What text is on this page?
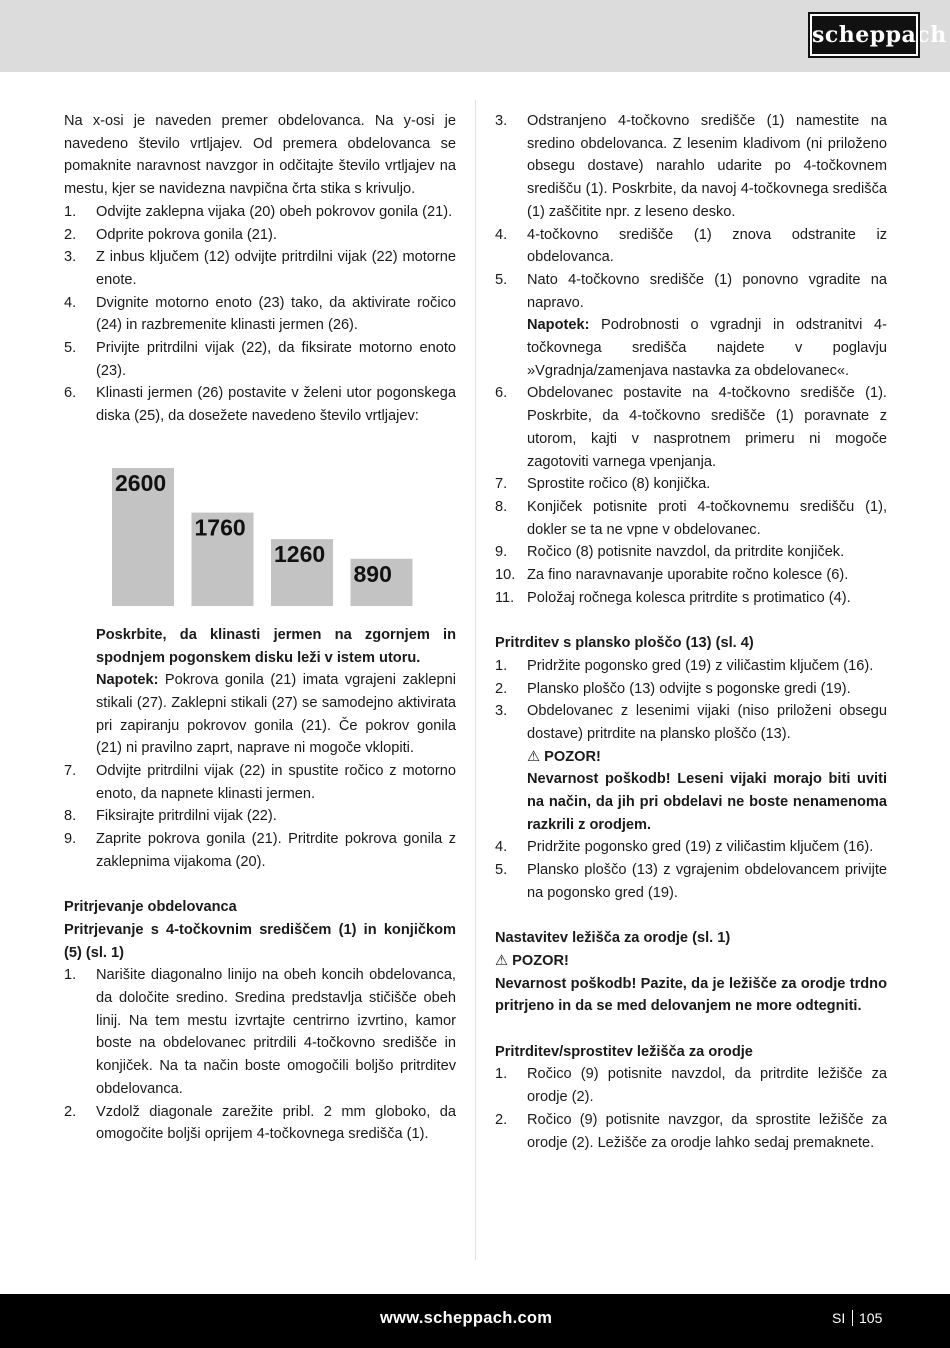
scheppach

Na x-osi je naveden premer obdelovanca. Na y-osi je navedeno število vrtljajev. Od premera obdelovanca se pomaknite naravnost navzgor in odčitajte število vrtljajev na mestu, kjer se navidezna navpična črta stika s krivuljo.

1.	Odvijte zaklepna vijaka (20) obeh pokrovov gonila (21).
2.	Odprite pokrova gonila (21).
3.	Z inbus ključem (12) odvijte pritrdilni vijak (22) motorne enote.
4.	Dvignite motorno enoto (23) tako, da aktivirate ročico (24) in razbremenite klinasti jermen (26).
5.	Privijte pritrdilni vijak (22), da fiksirate motorno enoto (23).
6.	Klinasti jermen (26) postavite v želeni utor pogonskega diska (25), da dosežete navedeno število vrtljajev:
2600
1760
1260
890

Poskrbite, da klinasti jermen na zgornjem in spodnjem pogonskem disku leži v istem utoru.

Napotek: Pokrova gonila (21) imata vgrajeni zaklepni stikali (27). Zaklepni stikali (27) se samodejno aktivirata pri zapiranju pokrovov gonila (21). Če pokrov gonila (21) ni pravilno zaprt, naprave ni mogoče vklopiti.

7.	Odvijte pritrdilni vijak (22) in spustite ročico z motorno enoto, da napnete klinasti jermen.
8.	Fiksirajte pritrdilni vijak (22).
9.	Zaprite pokrova gonila (21). Pritrdite pokrova gonila z zaklepnima vijakoma (20).

Pritrjevanje obdelovanca

Pritrjevanje s 4-točkovnim središčem (1) in konjičkom (5) (sl. 1)

1.	Narišite diagonalno linijo na obeh koncih obdelovanca, da določite sredino. Sredina predstavlja stičišče obeh linij. Na tem mestu izvrtajte centrirno izvrtino, kamor boste na obdelovanec pritrdili 4-točkovno središče in konjiček. Na ta način boste omogočili boljšo pritrditev obdelovanca.
2.	Vzdolž diagonale zarežite pribl. 2 mm globoko, da omogočite boljši oprijem 4-točkovnega središča (1).
3.	Odstranjeno 4-točkovno središče (1) namestite na sredino obdelovanca. Z lesenim kladivom (ni priloženo obsegu dostave) narahlo udarite po 4-točkovnem središču (1). Poskrbite, da navoj 4-točkovnega središča (1) zaščitite npr. z leseno desko.
4.	4-točkovno središče (1) znova odstranite iz obdelovanca.
5.	Nato 4-točkovno središče (1) ponovno vgradite na napravo.

Napotek: Podrobnosti o vgradnji in odstranitvi 4-točkovnega središča najdete v poglavju »Vgradnja/zamenjava nastavka za obdelovanec«.

6.	Obdelovanec postavite na 4-točkovno središče (1). Poskrbite, da 4-točkovno središče (1) poravnate z utorom, kajti v nasprotnem primeru ni mogoče zagotoviti varnega vpenjanja.
7.	Sprostite ročico (8) konjička.
8.	Konjiček potisnite proti 4-točkovnemu središču (1), dokler se ta ne vpne v obdelovanec.
9.	Ročico (8) potisnite navzdol, da pritrdite konjiček.
10. Za fino naravnavanje uporabite ročno kolesce (6).
11. Položaj ročnega kolesca pritrdite s protimatico (4).

Pritrditev s plansko ploščo (13) (sl. 4)

1.	Pridržite pogonsko gred (19) z viličastim ključem (16).
2.	Plansko ploščo (13) odvijte s pogonske gredi (19).
3.	Obdelovanec z lesenimi vijaki (niso priloženi obsegu dostave) pritrdite na plansko ploščo (13).

⚠ POZOR!

Nevarnost poškodb! Leseni vijaki morajo biti uviti na način, da jih pri obdelavi ne boste nenamenoma razkrili z orodjem.

4.	Pridržite pogonsko gred (19) z viličastim ključem (16).
5.	Plansko ploščo (13) z vgrajenim obdelovancem privijte na pogonsko gred (19).

Nastavitev ležišča za orodje (sl. 1)

⚠ POZOR!

Nevarnost poškodb! Pazite, da je ležišče za orodje trdno pritrjeno in da se med delovanjem ne more odtegniti.

Pritrditev/sprostitev ležišča za orodje

1.	Ročico (9) potisnite navzdol, da pritrdite ležišče za orodje (2).
2.	Ročico (9) potisnite navzgor, da sprostite ležišče za orodje (2). Ležišče za orodje lahko sedaj premaknete.
www.scheppach.com	SI 105
